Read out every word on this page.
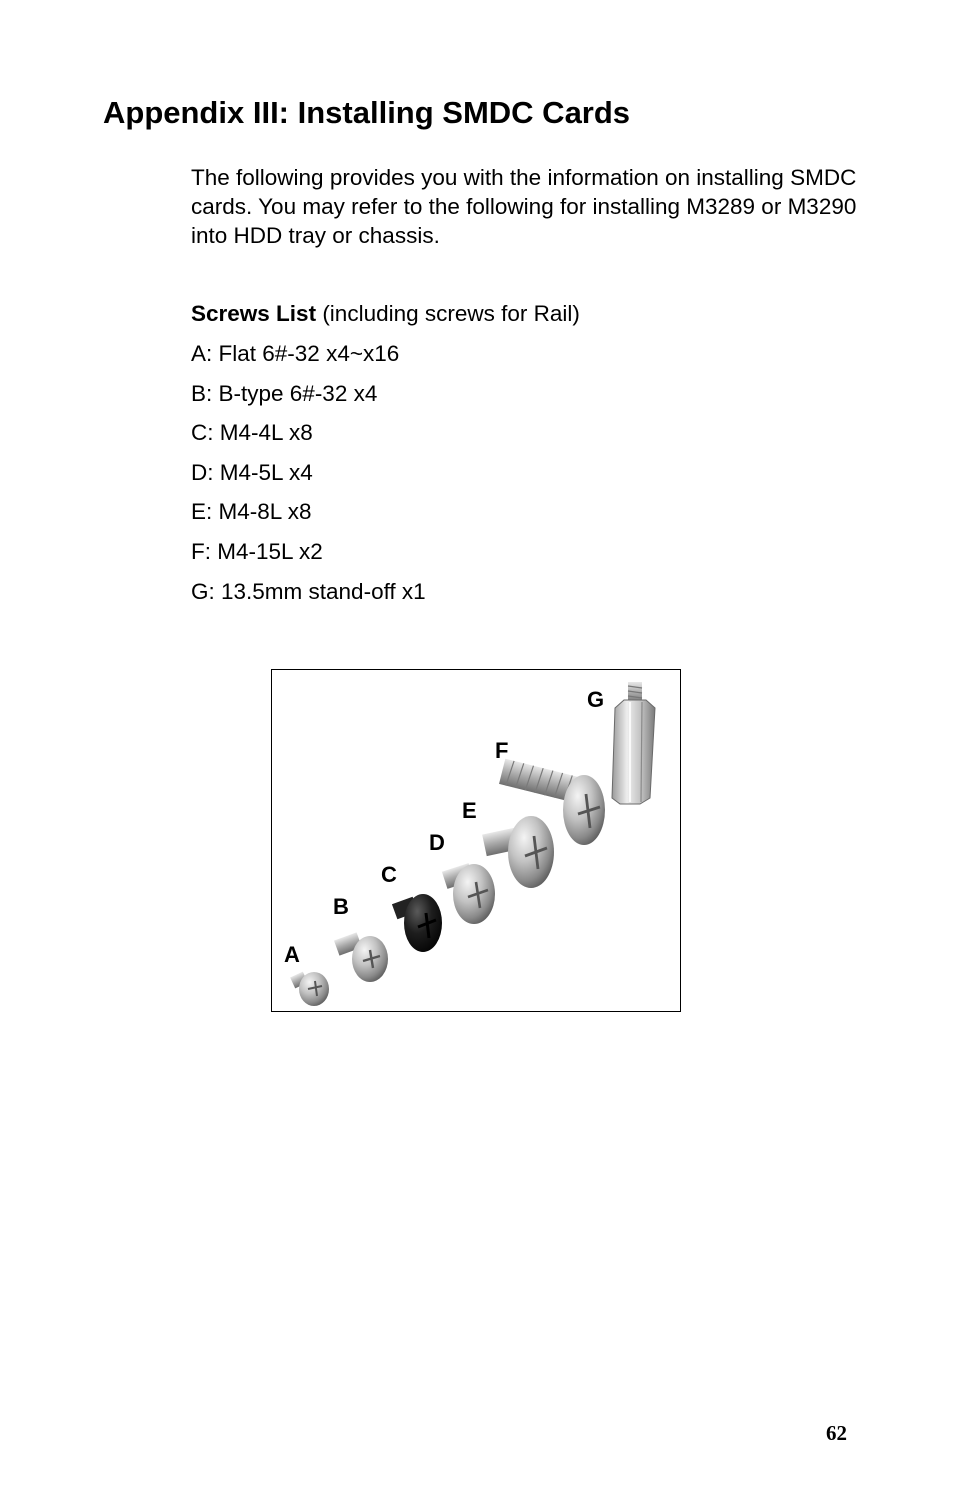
Appendix III: Installing SMDC Cards

The following provides you with the information on installing SMDC cards. You may refer to the following for installing M3289 or M3290 into HDD tray or chassis.

Screws List (including screws for Rail)

A: Flat 6#-32 x4~x16
B: B-type 6#-32 x4
C: M4-4L x8
D: M4-5L x4
E: M4-8L x8
F: M4-15L x2
G: 13.5mm stand-off x1
A
B
C
D
E
F
G
62
